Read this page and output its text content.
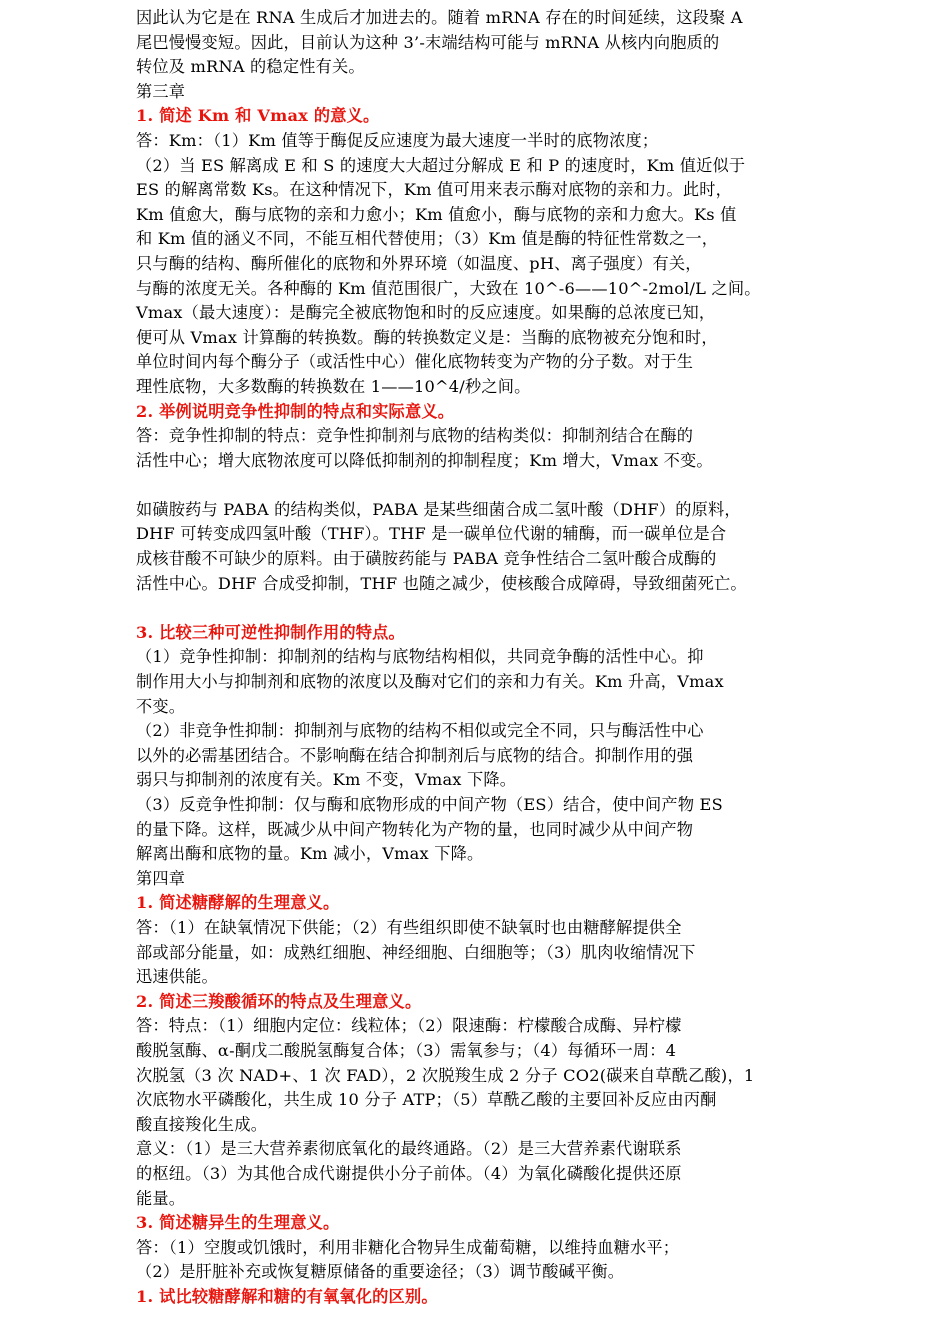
因此认为它是在 RNA 生成后才加进去的。随着 mRNA 存在的时间延续，这段聚 A

尾巴慢慢变短。因此，目前认为这种 3’-末端结构可能与 mRNA 从核内向胞质的

转位及 mRNA 的稳定性有关。

第三章

1. 简述 Km 和 Vmax 的意义。

答：Km：（1）Km 值等于酶促反应速度为最大速度一半时的底物浓度；

（2）当 ES 解离成 E 和 S 的速度大大超过分解成 E 和 P 的速度时，Km 值近似于

ES 的解离常数 Ks。在这种情况下，Km 值可用来表示酶对底物的亲和力。此时，

Km 值愈大，酶与底物的亲和力愈小；Km 值愈小，酶与底物的亲和力愈大。Ks 值

和 Km 值的涵义不同，不能互相代替使用；（3）Km 值是酶的特征性常数之一，

只与酶的结构、酶所催化的底物和外界环境（如温度、pH、离子强度）有关，

与酶的浓度无关。各种酶的 Km 值范围很广，大致在 10^-6——10^-2mol/L 之间。

Vmax（最大速度）：是酶完全被底物饱和时的反应速度。如果酶的总浓度已知，

便可从 Vmax 计算酶的转换数。酶的转换数定义是：当酶的底物被充分饱和时，

单位时间内每个酶分子（或活性中心）催化底物转变为产物的分子数。对于生

理性底物，大多数酶的转换数在 1——10^4/秒之间。

2. 举例说明竞争性抑制的特点和实际意义。

答：竞争性抑制的特点：竞争性抑制剂与底物的结构类似：抑制剂结合在酶的

活性中心；增大底物浓度可以降低抑制剂的抑制程度；Km 增大，Vmax 不变。

如磺胺药与 PABA 的结构类似，PABA 是某些细菌合成二氢叶酸（DHF）的原料，

DHF 可转变成四氢叶酸（THF）。THF 是一碳单位代谢的辅酶，而一碳单位是合

成核苷酸不可缺少的原料。由于磺胺药能与 PABA 竞争性结合二氢叶酸合成酶的

活性中心。DHF 合成受抑制，THF 也随之减少，使核酸合成障碍，导致细菌死亡。

3. 比较三种可逆性抑制作用的特点。

（1）竞争性抑制：抑制剂的结构与底物结构相似，共同竞争酶的活性中心。抑

制作用大小与抑制剂和底物的浓度以及酶对它们的亲和力有关。Km 升高，Vmax

不变。

（2）非竞争性抑制：抑制剂与底物的结构不相似或完全不同，只与酶活性中心

以外的必需基团结合。不影响酶在结合抑制剂后与底物的结合。抑制作用的强

弱只与抑制剂的浓度有关。Km 不变，Vmax 下降。

（3）反竞争性抑制：仅与酶和底物形成的中间产物（ES）结合，使中间产物 ES

的量下降。这样，既减少从中间产物转化为产物的量，也同时减少从中间产物

解离出酶和底物的量。Km 减小，Vmax 下降。

第四章

1. 简述糖酵解的生理意义。

答：（1）在缺氧情况下供能；（2）有些组织即使不缺氧时也由糖酵解提供全

部或部分能量，如：成熟红细胞、神经细胞、白细胞等；（3）肌肉收缩情况下

迅速供能。

2. 简述三羧酸循环的特点及生理意义。

答：特点：（1）细胞内定位：线粒体；（2）限速酶：柠檬酸合成酶、异柠檬

酸脱氢酶、α-酮戊二酸脱氢酶复合体；（3）需氧参与；（4）每循环一周：4

次脱氢（3 次 NAD+、1 次 FAD），2 次脱羧生成 2 分子 CO2(碳来自草酰乙酸)，1

次底物水平磷酸化，共生成 10 分子 ATP；（5）草酰乙酸的主要回补反应由丙酮

酸直接羧化生成。

意义：（1）是三大营养素彻底氧化的最终通路。（2）是三大营养素代谢联系

的枢纽。（3）为其他合成代谢提供小分子前体。（4）为氧化磷酸化提供还原

能量。

3. 简述糖异生的生理意义。

答：（1）空腹或饥饿时，利用非糖化合物异生成葡萄糖，以维持血糖水平；

（2）是肝脏补充或恢复糖原储备的重要途径；（3）调节酸碱平衡。

1. 试比较糖酵解和糖的有氧氧化的区别。
